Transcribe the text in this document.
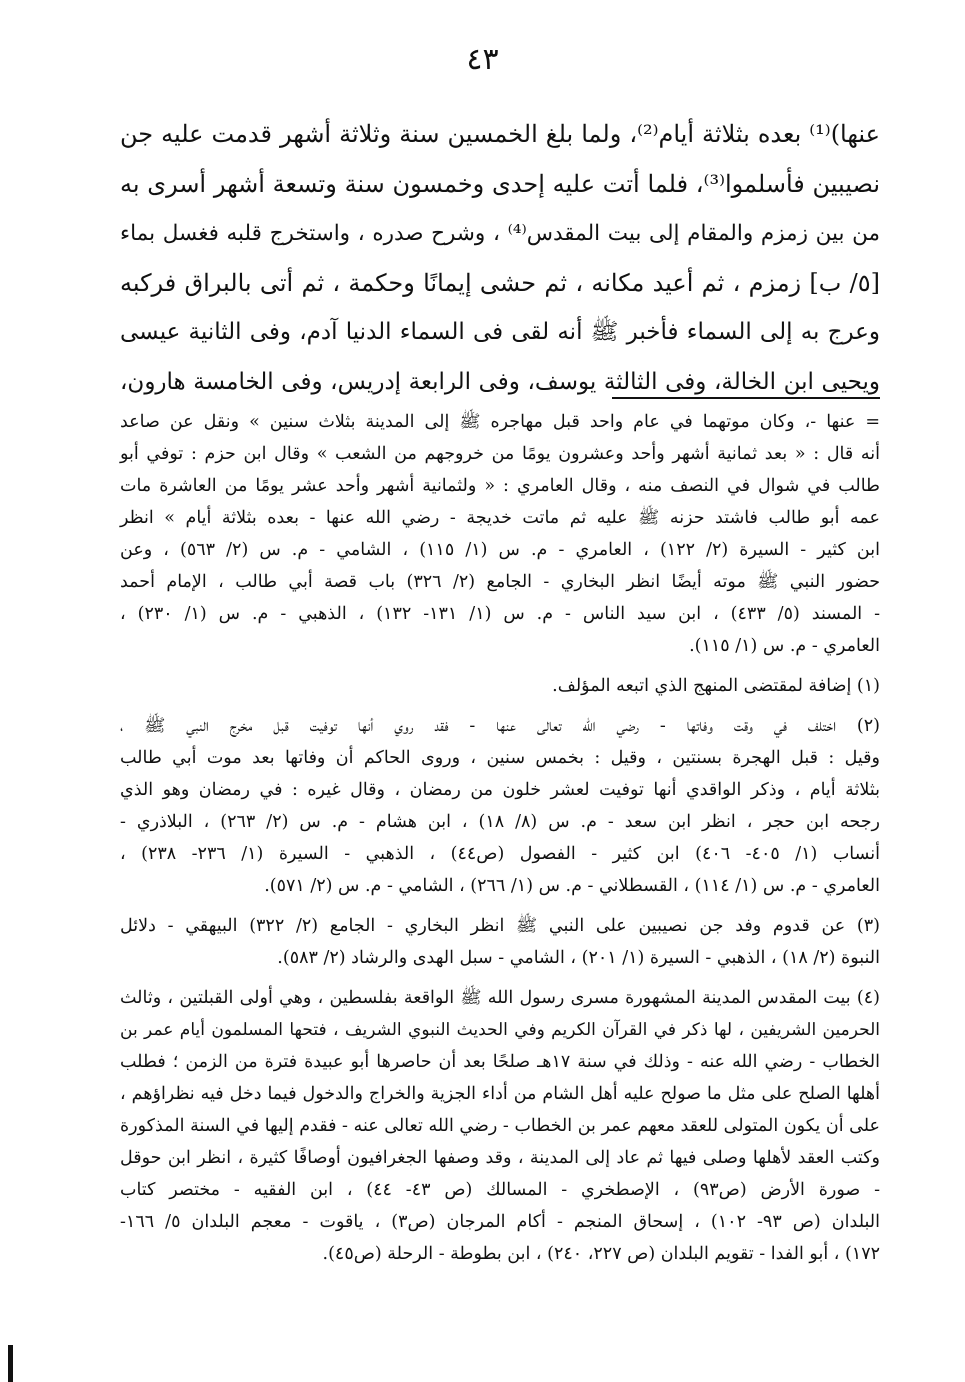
٤٣
عنها)⁽¹⁾ بعده بثلاثة أيام⁽²⁾، ولما بلغ الخمسين سنة وثلاثة أشهر قدمت عليه جن
نصيبين فأسلموا⁽³⁾، فلما أتت عليه إحدى وخمسون سنة وتسعة أشهر أسرى به
من بين زمزم والمقام إلى بيت المقدس⁽⁴⁾ ، وشرح صدره ، واستخرج قلبه فغسل بماء
[٥/ ب] زمزم ، ثم أعيد مكانه ، ثم حشى إيمانًا وحكمة ، ثم أتى بالبراق فركبه
وعرج به إلى السماء فأخبر ﷺ أنه لقى فى السماء الدنيا آدم، وفى الثانية عيسى
ويحيى ابن الخالة، وفى الثالثة يوسف، وفى الرابعة إدريس، وفى الخامسة هارون،
= عنها -، وكان موتهما في عام واحد قبل مهاجره ﷺ إلى المدينة بثلاث سنين » ونقل عن صاعد
أنه قال : « بعد ثمانية أشهر وأحد وعشرون يومًا من خروجهم من الشعب » وقال ابن حزم : توفي أبو
طالب في شوال في النصف منه ، وقال العامري : « ولثمانية أشهر وأحد عشر يومًا من العاشرة مات
عمه أبو طالب فاشتد حزنه ﷺ عليه ثم ماتت خديجة - رضي الله عنها - بعده بثلاثة أيام » انظر
ابن كثير - السيرة (٢/ ١٢٢) ، العامري - م. س (١/ ١١٥) ، الشامي - م. س (٢/ ٥٦٣) ، وعن
حضور النبي ﷺ موته أيضًا انظر البخاري - الجامع (٢/ ٣٢٦) باب قصة أبي طالب ، الإمام أحمد
- المسند (٥/ ٤٣٣) ، ابن سيد الناس - م. س (١/ ١٣١- ١٣٢) ، الذهبي - م. س (١/ ٢٣٠) ،
العامري - م. س (١/ ١١٥).
(١) إضافة لمقتضى المنهج الذي اتبعه المؤلف.
(٢) اختلف في وقت وفاتها - رضي الله تعالى عنها - فقد روي أنها توفيت قبل مخرج النبي ﷺ ،
وقيل : قبل الهجرة بسنتين ، وقيل : بخمس سنين ، وروى الحاكم أن وفاتها بعد موت أبي طالب
بثلاثة أيام ، وذكر الواقدي أنها توفيت لعشر خلون من رمضان ، وقال غيره : في رمضان وهو الذي
رجحه ابن حجر ، انظر ابن سعد - م. س (٨/ ١٨) ، ابن هشام - م. س (٢/ ٢٦٣) ، البلاذري -
أنساب (١/ ٤٠٥- ٤٠٦) ابن كثير - الفصول (ص٤٤) ، الذهبي - السيرة (١/ ٢٣٦- ٢٣٨) ،
العامري - م. س (١/ ١١٤) ، القسطلاني - م. س (١/ ٢٦٦) ، الشامي - م. س (٢/ ٥٧١).
(٣) عن قدوم وفد جن نصيبين على النبي ﷺ انظر البخاري - الجامع (٢/ ٣٢٢) البيهقي - دلائل
النبوة (٢/ ١٨) ، الذهبي - السيرة (١/ ٢٠١) ، الشامي - سبل الهدى والرشاد (٢/ ٥٨٣).
(٤) بيت المقدس المدينة المشهورة مسرى رسول الله ﷺ الواقعة بفلسطين ، وهي أولى القبلتين ، وثالث
الحرمين الشريفين ، لها ذكر في القرآن الكريم وفي الحديث النبوي الشريف ، فتحها المسلمون أيام عمر بن
الخطاب - رضي الله عنه - وذلك في سنة ١٧هـ صلحًا بعد أن حاصرها أبو عبيدة فترة من الزمن ؛ فطلب
أهلها الصلح على مثل ما صولح عليه أهل الشام من أداء الجزية والخراج والدخول فيما دخل فيه نظراؤهم ،
على أن يكون المتولى للعقد معهم عمر بن الخطاب - رضي الله تعالى عنه - فقدم إليها في السنة المذكورة
وكتب العقد لأهلها وصلى فيها ثم عاد إلى المدينة ، وقد وصفها الجغرافيون أوصافًا كثيرة ، انظر ابن حوقل
- صورة الأرض (ص٩٣) ، الإصطخري - المسالك (ص ٤٣- ٤٤) ، ابن الفقيه - مختصر كتاب
البلدان (ص ٩٣- ١٠٢) ، إسحاق المنجم - أكام المرجان (ص٣) ، ياقوت - معجم البلدان ٥/ ١٦٦-
١٧٢) ، أبو الفدا - تقويم البلدان (ص ٢٢٧، ٢٤٠) ، ابن بطوطة - الرحلة (ص٤٥).
